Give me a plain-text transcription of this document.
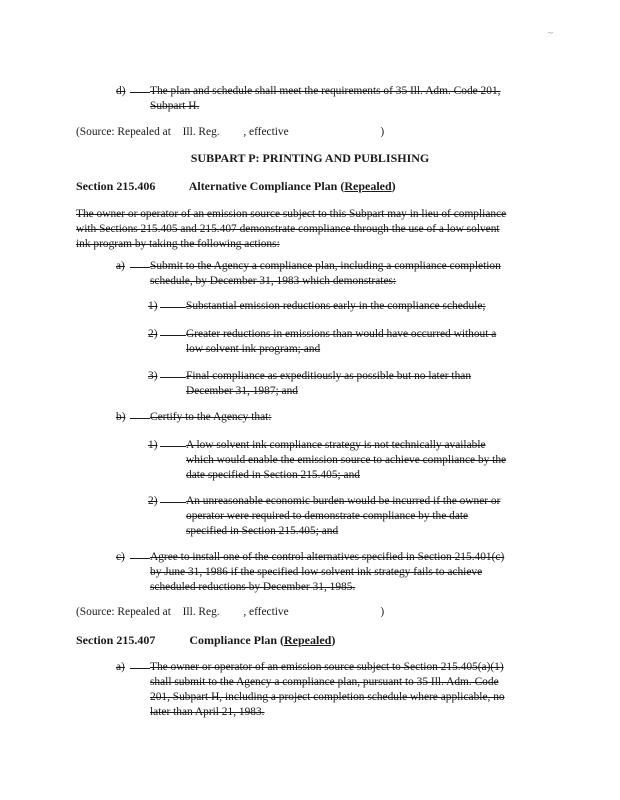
~
d) The plan and schedule shall meet the requirements of 35 Ill. Adm. Code 201, Subpart H.
(Source: Repealed at Ill. Reg. , effective	)
SUBPART P: PRINTING AND PUBLISHING
Section 215.406	Alternative Compliance Plan (Repealed)
The owner or operator of an emission source subject to this Subpart may in lieu of compliance with Sections 215.405 and 215.407 demonstrate compliance through the use of a low solvent ink program by taking the following actions:
a) Submit to the Agency a compliance plan, including a compliance completion schedule, by December 31, 1983 which demonstrates:
1)	Substantial emission reductions early in the compliance schedule;
2)	Greater reductions in emissions than would have occurred without a low solvent ink program; and
3)	Final compliance as expeditiously as possible but no later than December 31, 1987; and
b) Certify to the Agency that:
1)	A low solvent ink compliance strategy is not technically available which would enable the emission source to achieve compliance by the date specified in Section 215.405; and
2)	An unreasonable economic burden would be incurred if the owner or operator were required to demonstrate compliance by the date specified in Section 215.405; and
c) Agree to install one of the control alternatives specified in Section 215.401(c) by June 31, 1986 if the specified low solvent ink strategy fails to achieve scheduled reductions by December 31, 1985.
(Source: Repealed at Ill. Reg. , effective	)
Section 215.407	Compliance Plan (Repealed)
a) The owner or operator of an emission source subject to Section 215.405(a)(1) shall submit to the Agency a compliance plan, pursuant to 35 Ill. Adm. Code 201, Subpart H, including a project completion schedule where applicable, no later than April 21, 1983.
